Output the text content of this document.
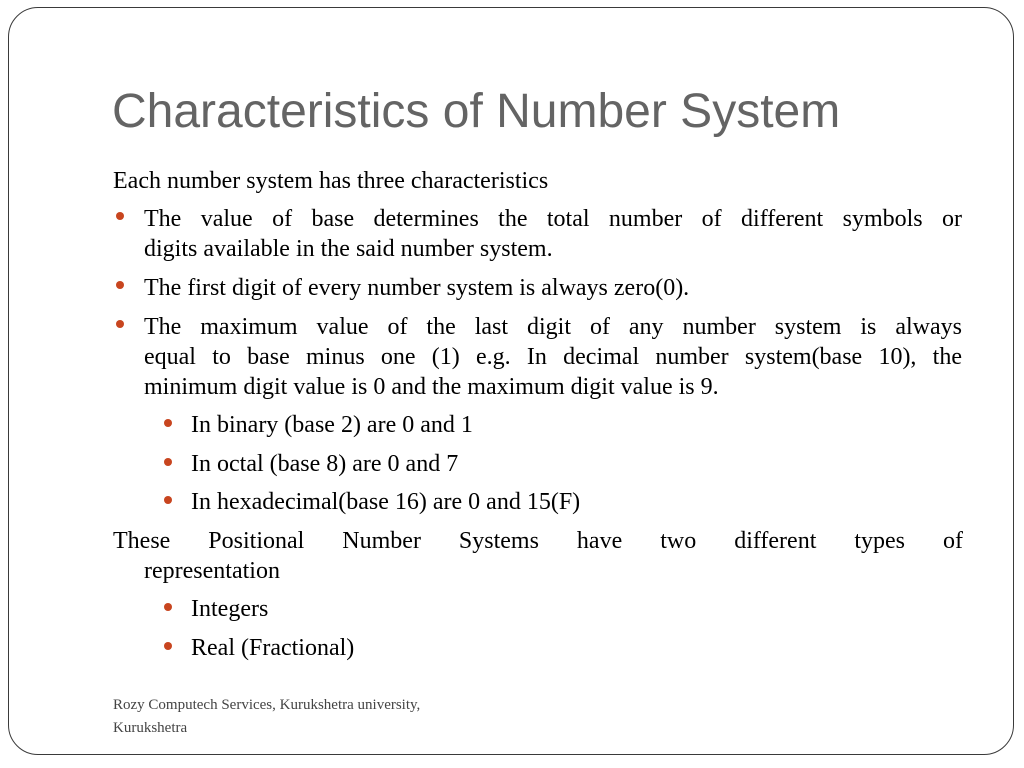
Characteristics of Number System
Each number system has three characteristics
The value of base determines the total number of different symbols or
digits available in the said number system.
The first digit of every number system is always zero(0).
The maximum value of the last digit of any number system is always
equal to base minus one (1) e.g. In decimal number system(base 10), the
minimum digit value is 0 and the maximum digit value is 9.
In binary (base 2) are 0 and 1
In octal (base 8) are 0 and 7
In hexadecimal(base 16) are 0 and 15(F)
These Positional Number Systems have two different types of
representation
Integers
Real (Fractional)
Rozy Computech Services, Kurukshetra university,
Kurukshetra
